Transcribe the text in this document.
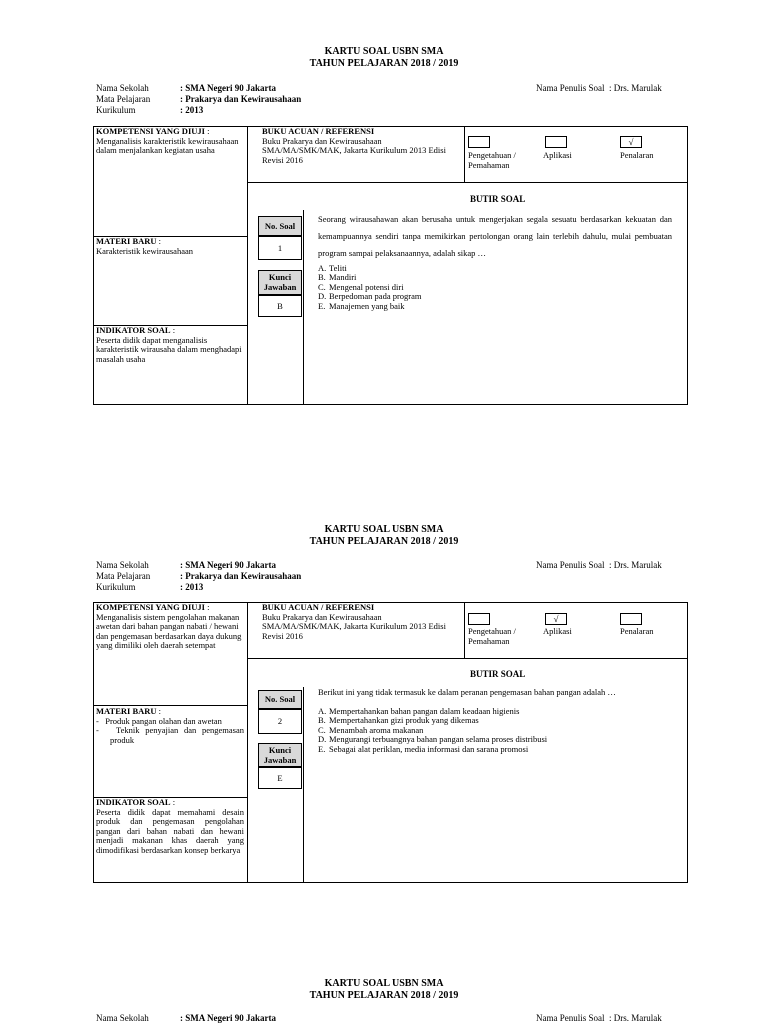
KARTU SOAL USBN SMA
TAHUN PELAJARAN 2018 / 2019
Nama Sekolah	: SMA Negeri 90 Jakarta
Mata Pelajaran	: Prakarya dan Kewirausahaan
Kurikulum	: 2013
Nama Penulis Soal : Drs. Marulak
KOMPETENSI YANG DIUJI :
Menganalisis karakteristik kewirausahaan dalam menjalankan kegiatan usaha
BUKU ACUAN / REFERENSI
Buku Prakarya dan Kewirausahaan SMA/MA/SMK/MAK, Jakarta Kurikulum 2013 Edisi Revisi 2016
√
Pengetahuan / Pemahaman
Aplikasi	Penalaran
BUTIR SOAL
No. Soal
1
Kunci Jawaban
B
MATERI BARU :
Karakteristik kewirausahaan
INDIKATOR SOAL :
Peserta didik dapat menganalisis karakteristik wirausaha dalam menghadapi masalah usaha
Seorang wirausahawan akan berusaha untuk mengerjakan segala sesuatu berdasarkan kekuatan dan kemampuannya sendiri tanpa memikirkan pertolongan orang lain terlebih dahulu, mulai pembuatan program sampai pelaksanaannya, adalah sikap …
A. Teliti
B. Mandiri
C. Mengenal potensi diri
D. Berpedoman pada program
E. Manajemen yang baik
KARTU SOAL USBN SMA
TAHUN PELAJARAN 2018 / 2019
Nama Sekolah	: SMA Negeri 90 Jakarta
Mata Pelajaran	: Prakarya dan Kewirausahaan
Kurikulum	: 2013
Nama Penulis Soal : Drs. Marulak
KOMPETENSI YANG DIUJI :
Menganalisis sistem pengolahan makanan awetan dari bahan pangan nabati / hewani dan pengemasan berdasarkan daya dukung yang dimiliki oleh daerah setempat
BUKU ACUAN / REFERENSI
Buku Prakarya dan Kewirausahaan SMA/MA/SMK/MAK, Jakarta Kurikulum 2013 Edisi Revisi 2016
√
Pengetahuan / Pemahaman
Aplikasi	Penalaran
BUTIR SOAL
No. Soal
2
Kunci Jawaban
E
MATERI BARU :
-   Produk pangan olahan dan awetan
-   Teknik penyajian dan pengemasan produk
INDIKATOR SOAL :
Peserta didik dapat memahami desain produk dan pengemasan pengolahan pangan dari bahan nabati dan hewani menjadi makanan khas daerah yang dimodifikasi berdasarkan konsep berkarya
Berikut ini yang tidak termasuk ke dalam peranan pengemasan bahan pangan adalah …
A. Mempertahankan bahan pangan dalam keadaan higienis
B. Mempertahankan gizi produk yang dikemas
C. Menambah aroma makanan
D. Mengurangi terbuangnya bahan pangan selama proses distribusi
E. Sebagai alat periklan, media informasi dan sarana promosi
KARTU SOAL USBN SMA
TAHUN PELAJARAN 2018 / 2019
Nama Sekolah	: SMA Negeri 90 Jakarta	Nama Penulis Soal : Drs. Marulak
